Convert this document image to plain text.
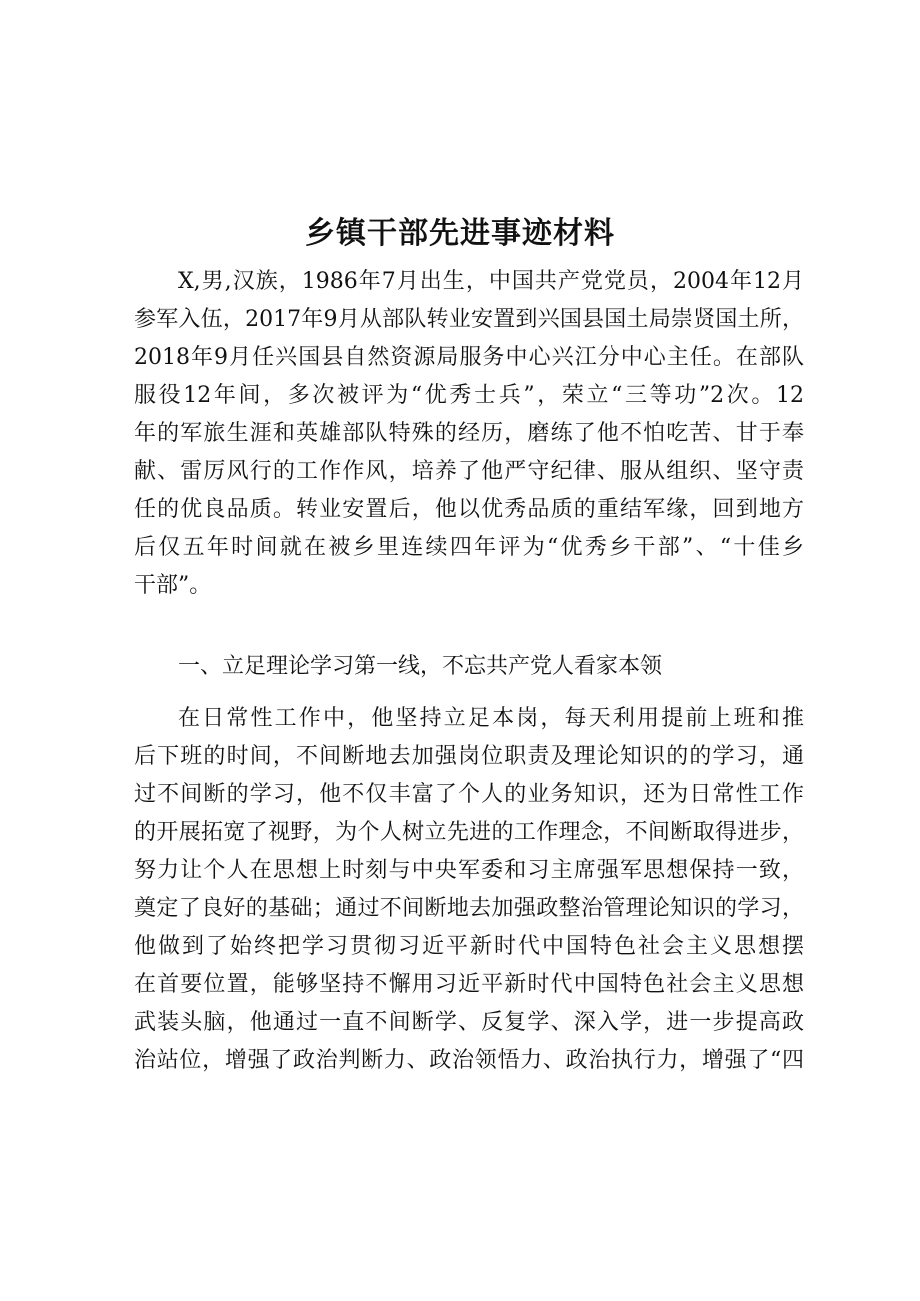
乡镇干部先进事迹材料
X,男,汉族，1986年7月出生，中国共产党党员，2004年12月
参军入伍，2017年9月从部队转业安置到兴国县国土局崇贤国土所，
2018年9月任兴国县自然资源局服务中心兴江分中心主任。在部队
服役12年间，多次被评为“优秀士兵”，荣立“三等功”2次。12
年的军旅生涯和英雄部队特殊的经历，磨练了他不怕吃苦、甘于奉
献、雷厉风行的工作作风，培养了他严守纪律、服从组织、坚守责
任的优良品质。转业安置后，他以优秀品质的重结军缘，回到地方
后仅五年时间就在被乡里连续四年评为“优秀乡干部”、“十佳乡
干部”。
一、立足理论学习第一线，不忘共产党人看家本领
在日常性工作中，他坚持立足本岗，每天利用提前上班和推
后下班的时间，不间断地去加强岗位职责及理论知识的的学习，通
过不间断的学习，他不仅丰富了个人的业务知识，还为日常性工作
的开展拓宽了视野，为个人树立先进的工作理念，不间断取得进步，
努力让个人在思想上时刻与中央军委和习主席强军思想保持一致，
奠定了良好的基础；通过不间断地去加强政整治管理论知识的学习，
他做到了始终把学习贯彻习近平新时代中国特色社会主义思想摆
在首要位置，能够坚持不懈用习近平新时代中国特色社会主义思想
武装头脑，他通过一直不间断学、反复学、深入学，进一步提高政
治站位，增强了政治判断力、政治领悟力、政治执行力，增强了“四
